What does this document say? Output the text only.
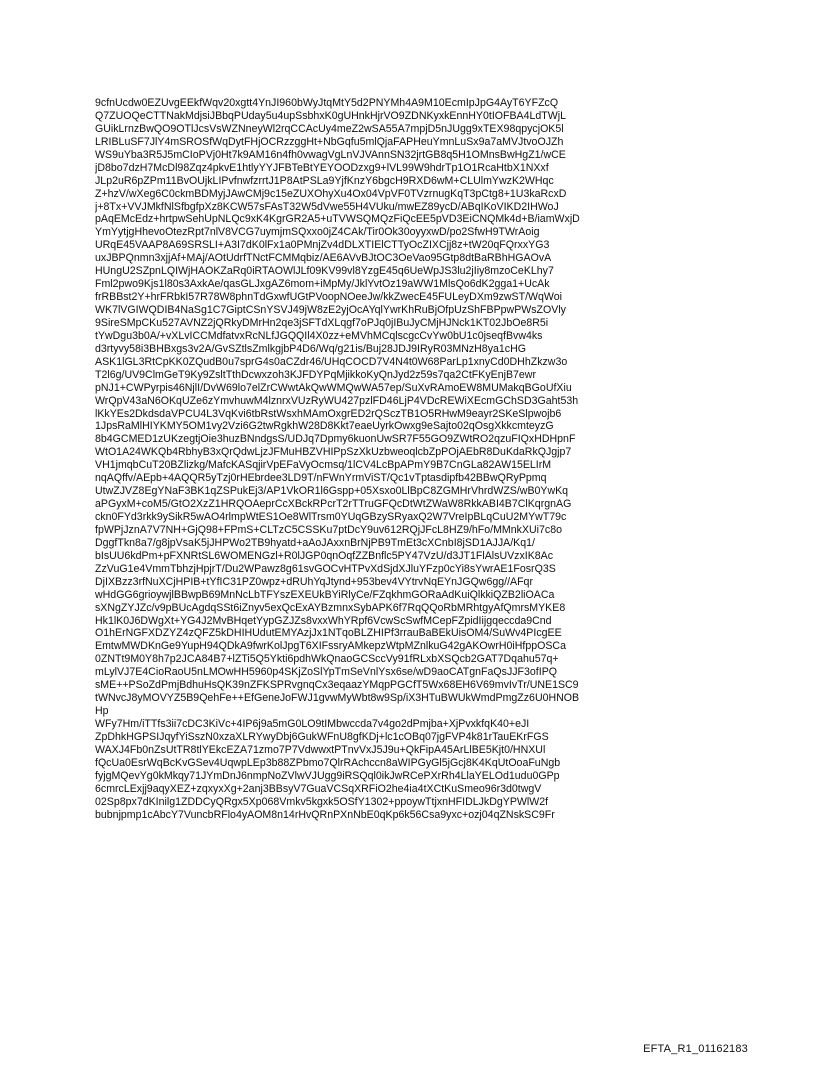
9cfnUcdw0EZUvgEEkfWqv20xgtt4YnJI960bWyJtqMtY5d2PNYMh4A9M10EcmIpJpG4AyT6YFZcQ
Q7ZUOQeCTTNakMdjsiJBbqPUday5u4upSsbhxK0gUHnkHjrVO9ZDNKyxkEnnHY0tIOFBA4LdTWjL
GUikLrnzBwQO9OTlJcsVsWZNneyWl2rqCCAcUy4meZ2wSA55A7mpjD5nJUgg9xTEX98qpycjOK5l
LRIBLuSF7JlY4mSROSfWqDytFHjOCRzzggHt+NbGqfu5mlQjaFAPHeuYmnLuSx9a7aMVJtvoOJZh
WS9uYba3R5J5mCIoPVj0Ht7k9AM16n4fh0vwagVgLnVJVAnnSN32jrtGB8q5H1OMnsBwHgZ1/wCE
jD8bo7dzH7McDl98Zqz4pkvE1htlyYYJFBTeBtYEYOODzxg9+lVL99W9hdrTp1O1RcaHtbX1NXxf
JLp2uR6pZPm11BvOUjkLIPvfnwfzrrtJ1P8AtPSLa9YjfKnzY6bgcH9RXD6wM+CLUlmYwzK2WHqc
Z+hzV/wXeg6C0ckmBDMyjJAwCMj9c15eZUXOhyXu4Ox04VpVF0TVzrnugKqT3pCtg8+1U3kaRcxD
j+8Tx+VVJMkfNlSfbgfpXz8KCW57sFAsT32W5dVwe55H4VUku/mwEZ89ycD/ABqIKoVIKD2IHWoJ
pAqEMcEdz+hrtpwSehUpNLQc9xK4KgrGR2A5+uTVWSQMQzFiQcEE5pVD3EiCNQMk4d+B/iamWxjD
YmYytjgHhevoOtezRpt7nlV8VCG7uymjmSQxxo0jZ4CAk/Tir0Ok30oyyxwD/po2SfwH9TWrAoig
URqE45VAAP8A69SRSLI+A3I7dK0lFx1a0PMnjZv4dDLXTIElCTTyOcZIXCjj8z+tW20qFQrxxYG3
uxJBPQnmn3xjjAf+MAj/AOtUdrfTNctFCMMqbiz/AE6AVvBJtOC3OeVao95Gtp8dtBaRBhHGAOvA
HUngU2SZpnLQIWjHAOKZaRq0iRTAOWlJLf09KV99vl8YzgE45q6UeWpJS3lu2jIiy8mzoCeKLhy7
Fml2pwo9Kjs1l80s3AxkAe/qasGLJxgAZ6mom+iMpMy/JklYvtOz19aWW1MlsQo6dK2gga1+UcAk
frRBBst2Y+hrFRbkI57R78W8phnTdGxwfUGtPVoopNOeeJw/kkZwecE45FULeyDXm9zwST/WqWoi
WK7lVGIWQDIB4NaSg1C7GiptCSnYSVJ49jW8zE2yjOcAYqlYwrKhRuBjOfpUzShFBPpwPWsZOVly
9SireSMpCKu527AVNZ2jQRkyDMrHn2qe3jSFTdXLqgf7oPJq0jIBuJyCMjHJNck1KT02JbOe8R5i
tYwDgu3b0A/+vXLvICCMdfatvxRcNLfJGQQIl4X0zz+eMVhMCqlscgcCvYw0bU1c0jseqfBvw4ks
d3rtyvy58i3BHBxgs3v2A/GvSZtlsZmlkgjbP4D6/Wq/g21is/Buj28JDJ9IRyR03MNzH8ya1cHG
ASK1lGL3RtCpKK0ZQudB0u7sprG4s0aCZdr46/UHqCOCD7V4N4t0W68ParLp1xnyCd0DHhZkzw3o
T2l6g/UV9ClmGeT9Ky9ZsltTthDcwxzoh3KJFDYPqMjikkoKyQnJyd2z59s7qa2CtFKyEnjB7ewr
pNJ1+CWPyrpis46NjlI/DvW69lo7elZrCWwtAkQwWMQwWA57ep/SuXvRAmoEW8MUMakqBGoUfXiu
WrQpV43aN6OKqUZe6zYmvhuwM4lznrxVUzRyWU427pzlFD46LjP4VDcREWiXEcmGChSD3Gaht53h
lKkYEs2DkdsdaVPCU4L3VqKvi6tbRstWsxhMAmOxgrED2rQSczTB1O5RHwM9eayr2SKeSlpwojb6
1JpsRaMlHIYKMY5OM1vy2Vzi6G2twRgkhW28D8Kkt7eaeUyrkOwxg9eSajto02qOsgXkkcmteyzG
8b4GCMED1zUKzegtjOie3huzBNndgsS/UDJq7Dpmy6kuonUwSR7F55GO9ZWtRO2qzuFIQxHDHpnF
WtO1A24WKQb4RbhyB3xQrQdwLjzJFMuHBZVHIPpSzXkUzbweoqlcbZpPOjAEbR8DuKdaRkQJgjp7
VH1jmqbCuT20BZlizkg/MafcKASqjirVpEFaVyOcmsq/1lCV4LcBpAPmY9B7CnGLa82AW15ELIrM
nqAQffv/AEpb+4AQQR5yTzj0rHEbrdee3LD9T/nFWnYrmViST/Qc1vTptasdipfb42BBwQRyPpmq
UtwZJVZ8EgYNaF3BK1qZSPukEj3/AP1VkOR1l6Gspp+05Xsxo0LlBpC8ZGMHrVhrdWZS/wB0YwKq
aPGyxM+coM5/GtO2XzZ1HRQOAeprCcXBckRPcrT2rTTruGFQcDtWtZWaW8RkkABI4B7ClKqrgnAG
ckn0FYd3rkk9ySikR5wAO4rlmpWtES1Oe8WlTrsm0YUqGBzySRyaxQ2W7VreIpBLqCuU2MYwT79c
fpWPjJznA7V7NH+GjQ98+FPmS+CLTzC5CSSKu7ptDcY9uv612RQjJFcL8HZ9/hFo/MMnkXUi7c8o
DggfTkn8a7/g8jpVsaK5jJHPWo2TB9hyatd+aAoJAxxnBrNjPB9TmEt3cXCnbI8jSD1AJJA/Kq1/
bIsUU6kdPm+pFXNRtSL6WOMENGzl+R0lJGP0qnOqfZZBnflc5PY47VzU/d3JT1FlAlsUVzxIK8Ac
ZzVuG1e4VmmTbhzjHpjrT/Du2WPawz8g61svGOCvHTPvXdSjdXJluYFzp0cYi8sYwrAE1FosrQ3S
DjIXBzz3rfNuXCjHPIB+tYfIC31PZ0wpz+dRUhYqJtynd+953bev4VYtrvNqEYnJGQw6gg//AFqr
wHdGG6grioywjlBBwpB69MnNcLbTFYszEXEUkBYiRlyCe/FZqkhmGORaAdKuiQlkkiQZB2liOACa
sXNgZYJZc/v9pBUcAgdqSSt6iZnyv5exQcExAYBzmnxSybAPK6f7RqQQoRbMRhtgyAfQmrsMYKE8
Hk1lK0J6DWgXt+YG4J2MvBHqetYypGZJZs8vxxWhYRpf6VcwScSwfMCepFZpidIijgqeccda9Cnd
O1hErNGFXDZYZ4zQFZ5kDHIHUdutEMYAzjJx1NTqoBLZHIPf3rrauBaBEkUisOM4/SuWv4PIcgEE
EmtwMWDKnGe9YupH94QDkA9fwrKolJpgT6XIFssryAMkepzWtpMZnlkuG42gAKOwrH0iHfppOSCa
0ZNTt9M0Y8h7p2JCA84B7+lZTi5Q5Ykti6pdhWkQnaoGCSccVy91fRLxbXSQcb2GAT7Dqahu57q+
mLylVJ7E4CioRaoU5nLMOwHH5960p4SKjZoSlYpTmSeVnlYsx6se/wD9aoCATgnFaQsJJF3ofIPQ
sME++PSoZdPmjBdhuHsQK39nZFKSPRvgnqCx3eqaazYMqpPGCfT5Wx68EH6V69mvIvTr/UNE1SC9
tWNvcJ8yMOVYZ5B9QehFe++EfGeneJoFWJ1gvwMyWbt8w9Sp/iX3HTuBWUkWmdPmgZz6U0HNOB
Hp
WFy7Hm/iTTfs3ii7cDC3KiVc+4IP6j9a5mG0LO9tIMbwccda7v4go2dPmjba+XjPvxkfqK40+eJI
ZpDhkHGPSIJqyfYiSszN0xzaXLRYwyDbj6GukWFnU8gfKDj+lc1cOBq07jgFVP4k81rTauEKrFGS
WAXJ4Fb0nZsUtTR8tlYEkcEZA71zmo7P7VdwwxtPTnvVxJ5J9u+QkFipA45ArLlBE5Kjt0/HNXUl
fQcUa0EsrWqBcKvGSev4UqwpLEp3b88ZPbmo7QlrRAchccn8aWIPGyGl5jGcj8K4KqUtOoaFuNgb
fyjgMQevYg0kMkqy71JYmDnJ6nmpNoZVlwVJUgg9iRSQql0ikJwRCePXrRh4LlaYELOd1udu0GPp
6cmrcLExjj9aqyXEZ+zqxyxXg+2anj3BBsyV7GuaVCSqXRFiO2he4ia4tXCtKuSmeo96r3d0twgV
02Sp8px7dKInilg1ZDDCyQRgx5Xp068Vmkv5kgxk5OSfY1302+ppoywTtjxnHFIDLJkDgYPWlW2f
bubnjpmp1cAbcY7VuncbRFlo4yAOM8n14rHvQRnPXnNbE0qKp6k56Csa9yxc+ozj04qZNskSC9Fr
EFTA_R1_01162183
